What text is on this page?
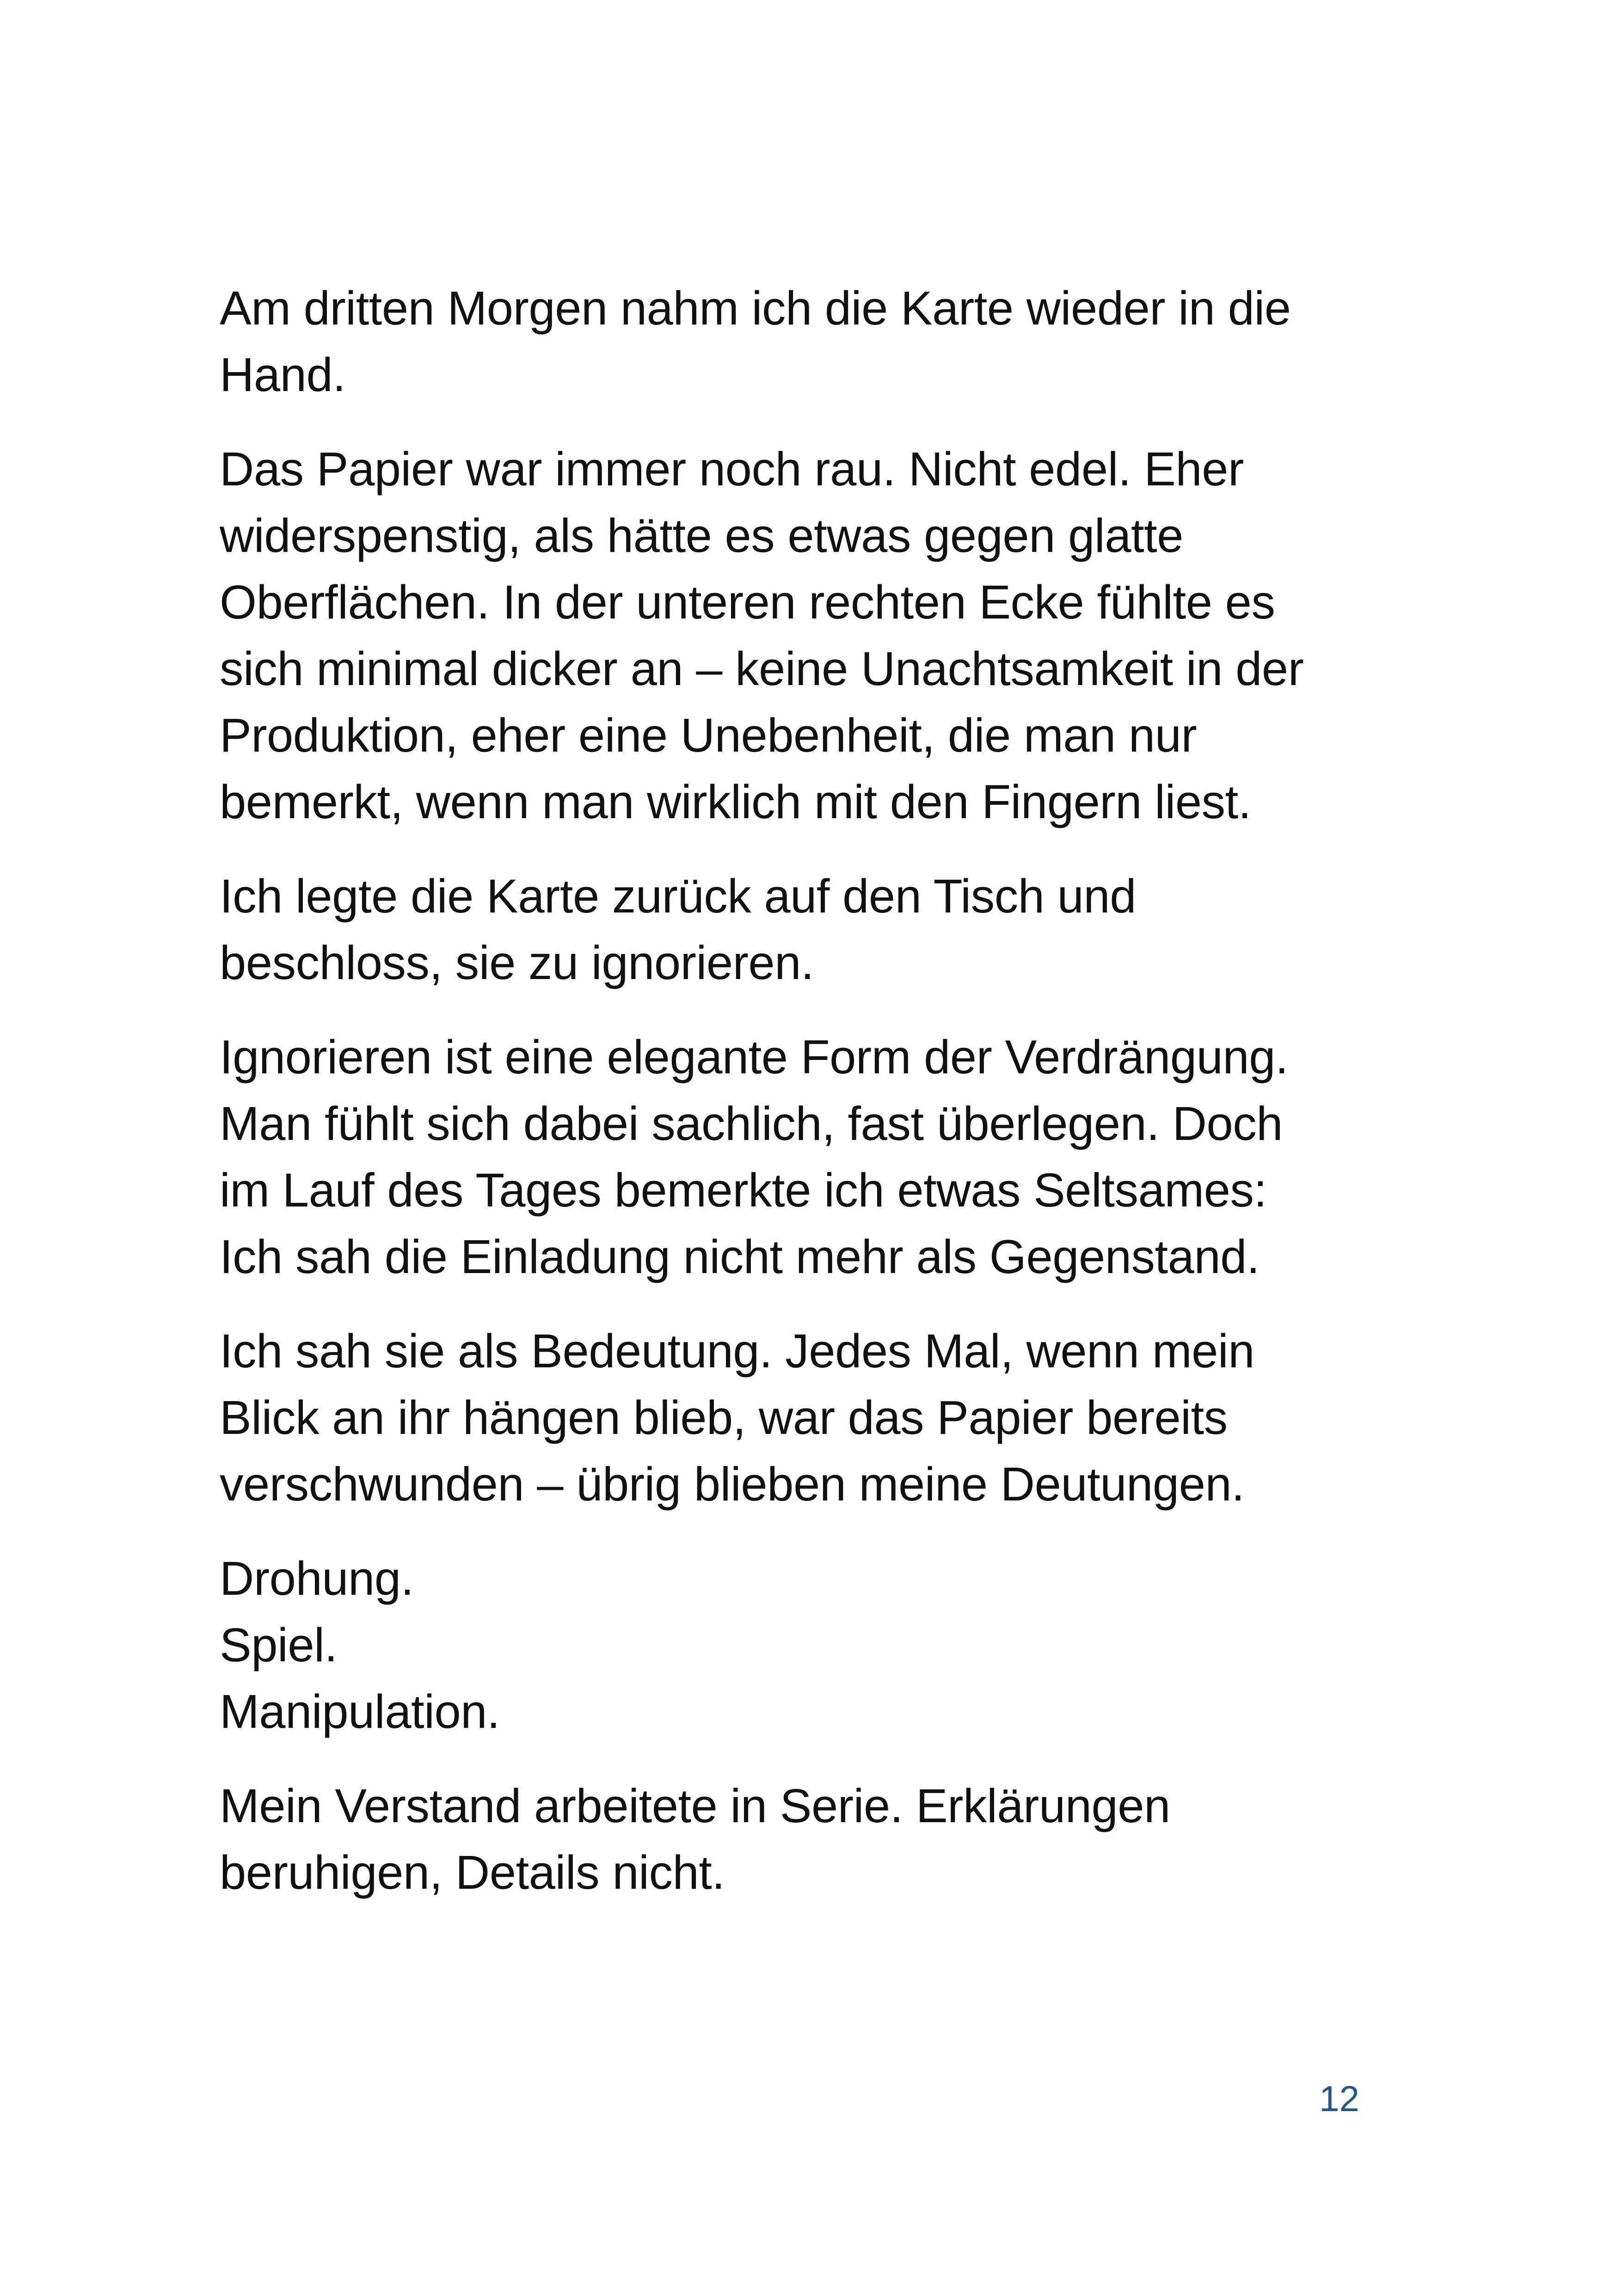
Am dritten Morgen nahm ich die Karte wieder in die
Hand.

Das Papier war immer noch rau. Nicht edel. Eher
widerspenstig, als hätte es etwas gegen glatte
Oberflächen. In der unteren rechten Ecke fühlte es
sich minimal dicker an – keine Unachtsamkeit in der
Produktion, eher eine Unebenheit, die man nur
bemerkt, wenn man wirklich mit den Fingern liest.

Ich legte die Karte zurück auf den Tisch und
beschloss, sie zu ignorieren.

Ignorieren ist eine elegante Form der Verdrängung.
Man fühlt sich dabei sachlich, fast überlegen. Doch
im Lauf des Tages bemerkte ich etwas Seltsames:
Ich sah die Einladung nicht mehr als Gegenstand.

Ich sah sie als Bedeutung. Jedes Mal, wenn mein
Blick an ihr hängen blieb, war das Papier bereits
verschwunden – übrig blieben meine Deutungen.

Drohung.
Spiel.
Manipulation.

Mein Verstand arbeitete in Serie. Erklärungen
beruhigen, Details nicht.

12
